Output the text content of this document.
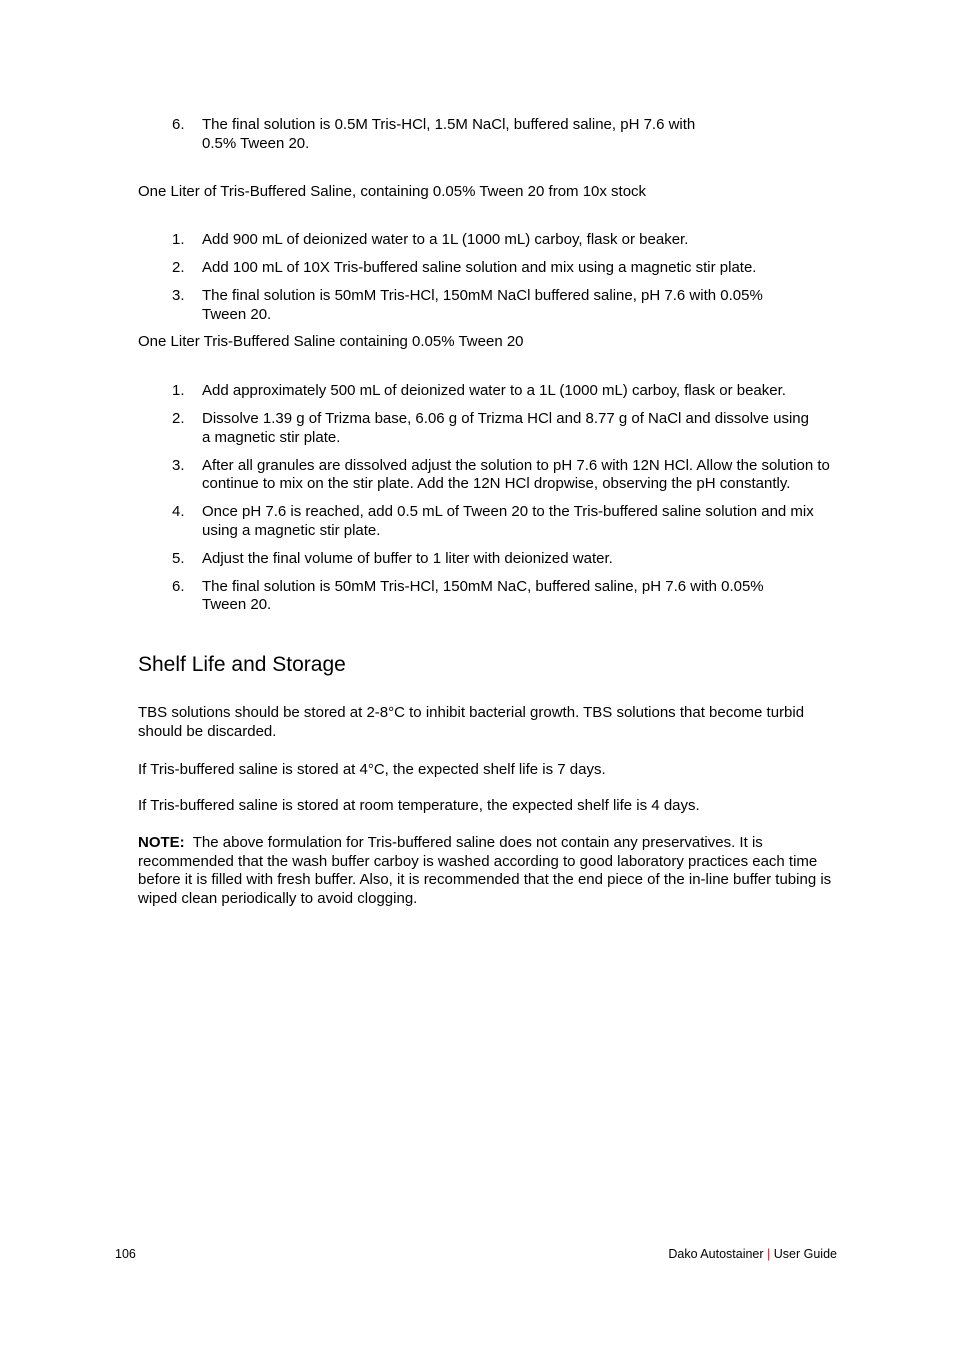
6. The final solution is 0.5M Tris-HCl, 1.5M NaCl, buffered saline, pH 7.6 with
0.5% Tween 20.

One Liter of Tris-Buffered Saline, containing 0.05% Tween 20 from 10x stock

1. Add 900 mL of deionized water to a 1L (1000 mL) carboy, flask or beaker.
2. Add 100 mL of 10X Tris-buffered saline solution and mix using a magnetic stir plate.
3. The final solution is 50mM Tris-HCl, 150mM NaCl buffered saline, pH 7.6 with 0.05% Tween 20.

One Liter Tris-Buffered Saline containing 0.05% Tween 20

1. Add approximately 500 mL of deionized water to a 1L (1000 mL) carboy, flask or beaker.
2. Dissolve 1.39 g of Trizma base, 6.06 g of Trizma HCl and 8.77 g of NaCl and dissolve using a magnetic stir plate.
3. After all granules are dissolved adjust the solution to pH 7.6 with 12N HCl. Allow the solution to continue to mix on the stir plate. Add the 12N HCl dropwise, observing the pH constantly.
4. Once pH 7.6 is reached, add 0.5 mL of Tween 20 to the Tris-buffered saline solution and mix using a magnetic stir plate.
5. Adjust the final volume of buffer to 1 liter with deionized water.
6. The final solution is 50mM Tris-HCl, 150mM NaC, buffered saline, pH 7.6 with 0.05% Tween 20.
Shelf Life and Storage

TBS solutions should be stored at 2-8°C to inhibit bacterial growth. TBS solutions that become turbid should be discarded.

If Tris-buffered saline is stored at 4°C, the expected shelf life is 7 days.

If Tris-buffered saline is stored at room temperature, the expected shelf life is 4 days.

NOTE: The above formulation for Tris-buffered saline does not contain any preservatives. It is recommended that the wash buffer carboy is washed according to good laboratory practices each time before it is filled with fresh buffer. Also, it is recommended that the end piece of the in-line buffer tubing is wiped clean periodically to avoid clogging.

106	Dako Autostainer | User Guide
